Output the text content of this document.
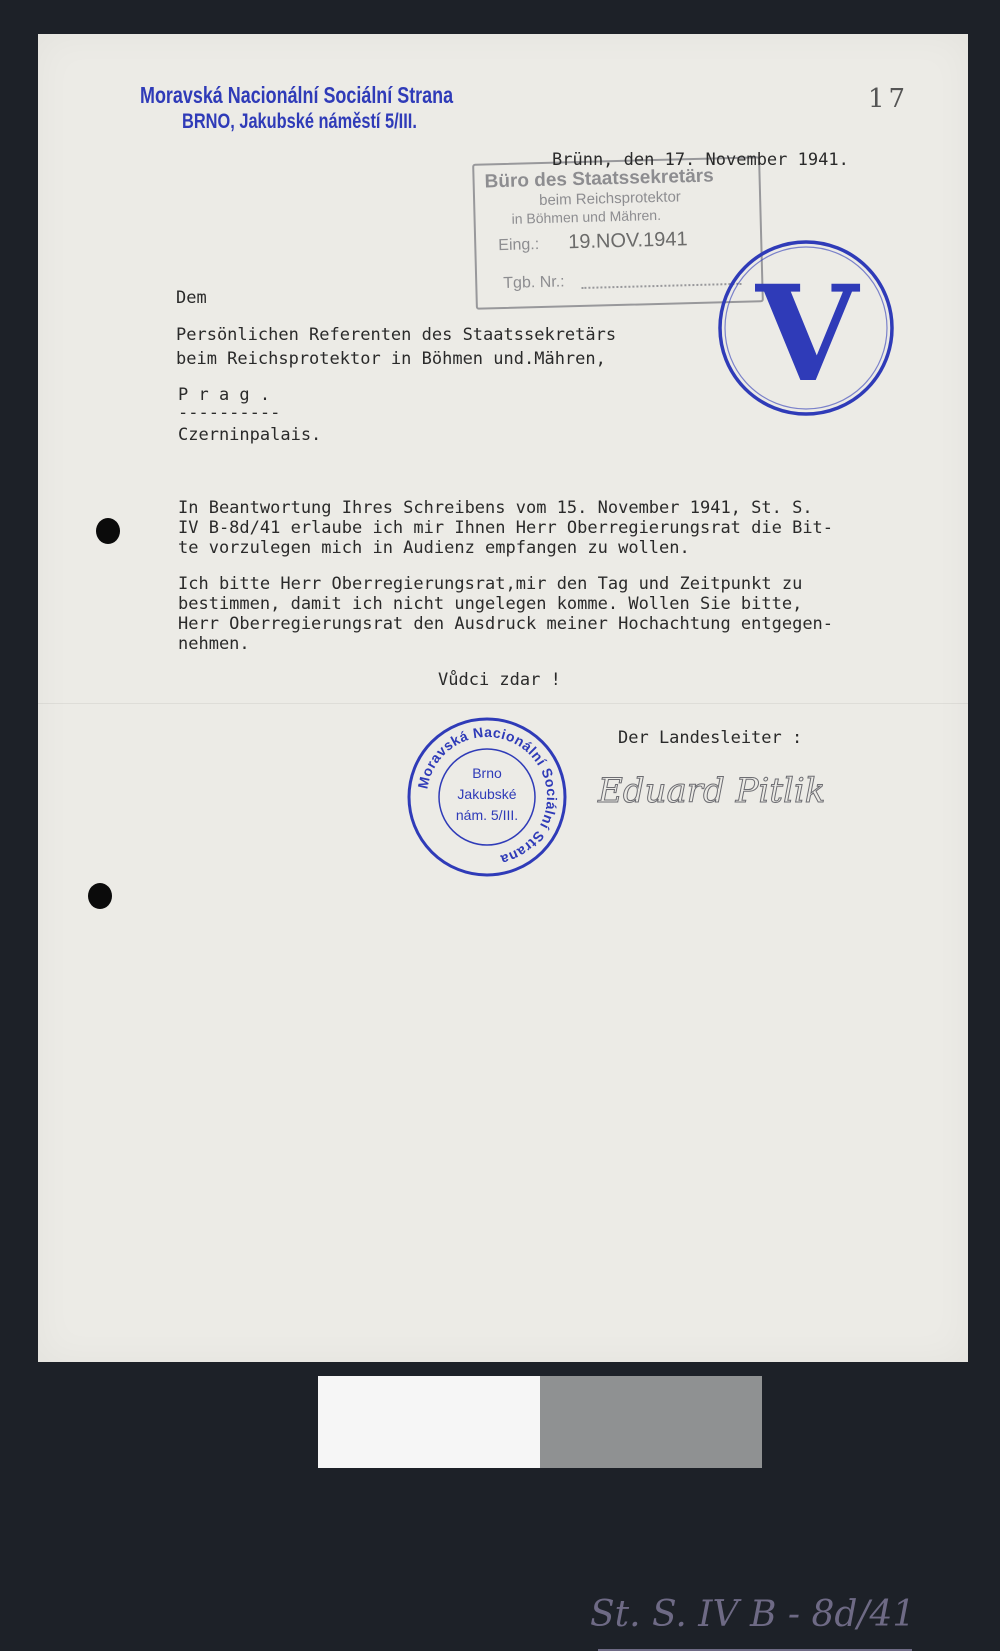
Moravská Nacionální Sociální Strana
BRNO, Jakubské náměstí 5/III.
17
Büro des Staatssekretärs
beim Reichsprotektor
in Böhmen und Mähren.
Eing.: 19.NOV.1941
Tgb. Nr.:
Brünn, den 17. November 1941.
V
Dem
Persönlichen Referenten des Staatssekretärs
beim Reichsprotektor in Böhmen und.Mähren,
P r a g .
----------
Czerninpalais.
In Beantwortung Ihres Schreibens vom 15. November 1941, St. S.
IV B-8d/41 erlaube ich mir Ihnen Herr Oberregierungsrat die Bit-
te vorzulegen mich in Audienz empfangen zu wollen.
Ich bitte Herr Oberregierungsrat,mir den Tag und Zeitpunkt zu
bestimmen, damit ich nicht ungelegen komme. Wollen Sie bitte,
Herr Oberregierungsrat den Ausdruck meiner Hochachtung entgegen-
nehmen.
Vůdci zdar !
Der Landesleiter :
Moravská Nacionální Sociální Strana
Brno
Jakubské
nám. 5/III.
Eduard Pitlik
St. S. IV B - 8d/41
